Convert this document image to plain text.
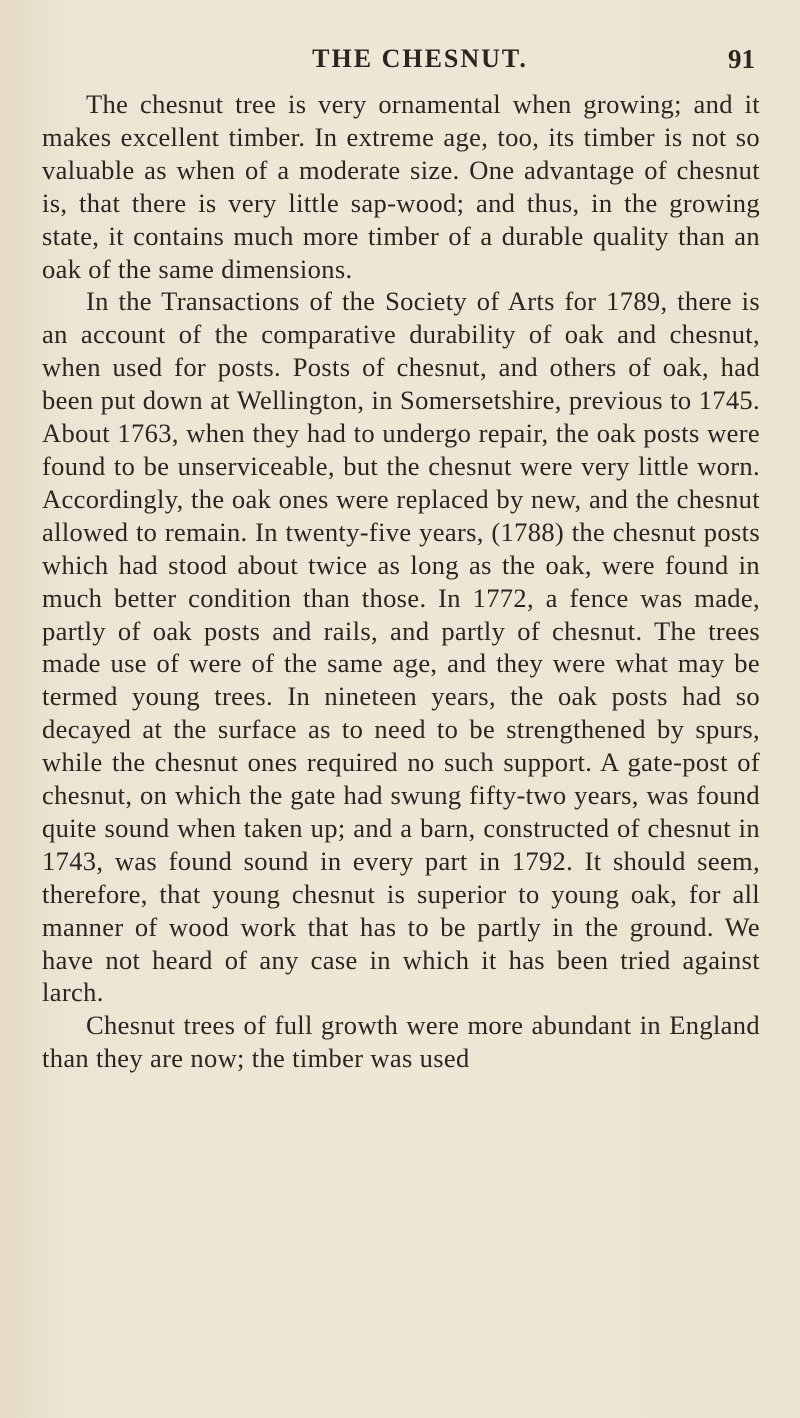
THE CHESNUT.	91

The chesnut tree is very ornamental when growing; and it makes excellent timber. In extreme age, too, its timber is not so valuable as when of a moderate size. One advantage of chesnut is, that there is very little sap-wood; and thus, in the growing state, it contains much more timber of a durable quality than an oak of the same dimensions.

In the Transactions of the Society of Arts for 1789, there is an account of the comparative durability of oak and chesnut, when used for posts. Posts of chesnut, and others of oak, had been put down at Wellington, in Somersetshire, previous to 1745. About 1763, when they had to undergo repair, the oak posts were found to be unserviceable, but the chesnut were very little worn. Accordingly, the oak ones were replaced by new, and the chesnut allowed to remain. In twenty-five years, (1788) the chesnut posts which had stood about twice as long as the oak, were found in much better condition than those. In 1772, a fence was made, partly of oak posts and rails, and partly of chesnut. The trees made use of were of the same age, and they were what may be termed young trees. In nineteen years, the oak posts had so decayed at the surface as to need to be strengthened by spurs, while the chesnut ones required no such support. A gate-post of chesnut, on which the gate had swung fifty-two years, was found quite sound when taken up; and a barn, constructed of chesnut in 1743, was found sound in every part in 1792. It should seem, therefore, that young chesnut is superior to young oak, for all manner of wood work that has to be partly in the ground. We have not heard of any case in which it has been tried against larch.

Chesnut trees of full growth were more abundant in England than they are now; the timber was used
